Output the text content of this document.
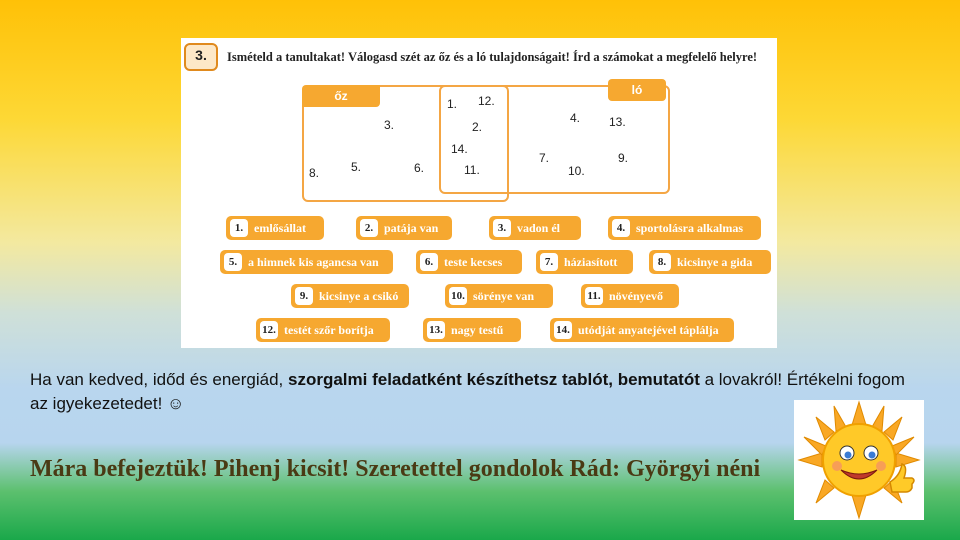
3.	Ismételd a tanultakat! Válogasd szét az őz és a ló tulajdonságait! Írd a számokat a megfelelő helyre!
őz	ló
1. 12.
3.	2.
4. 13.
14.
8.	5.	6.	11.
7.
10.
9.
1. emlősállat	2. patája van	3. vadon él	4. sportolásra alkalmas
5. a himnek kis agancsa van	6. teste kecses	7. háziasított	8. kicsinye a gida
9. kicsinye a csikó	10. sörénye van	11. növényevő
12. testét szőr borítja	13. nagy testű	14. utódját anyatejével táplálja
Ha van kedved, időd és energiád, szorgalmi feladatként készíthetsz tablót, bemutatót a lovakról! Értékelni fogom az igyekezetedet! ☺
Mára befejeztük! Pihenj kicsit! Szeretettel gondolok Rád: Györgyi néni
